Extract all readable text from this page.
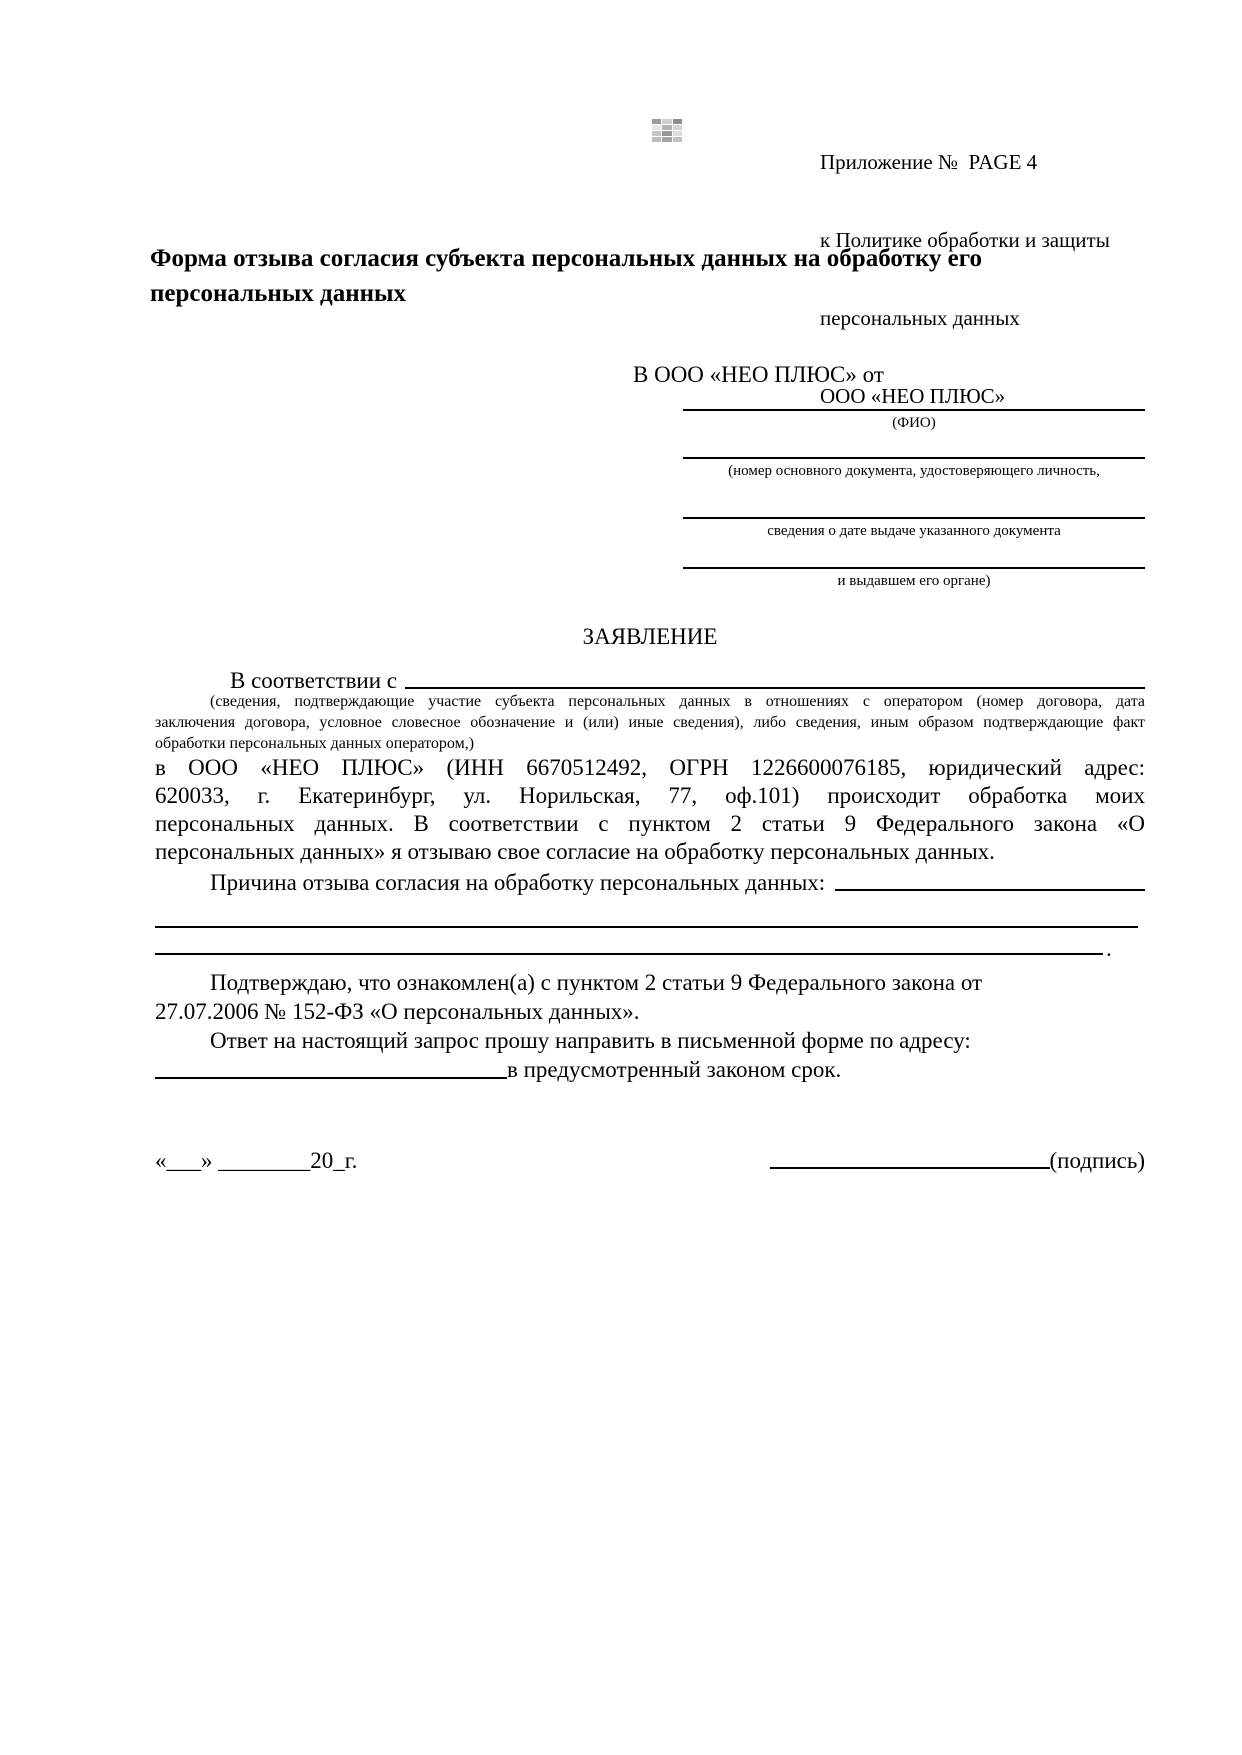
Приложение №  PAGE 4

к Политике обработки и защиты

персональных данных

ООО «НЕО ПЛЮС»

Форма отзыва согласия субъекта персональных данных на обработку его
персональных данных
В ООО «НЕО ПЛЮС» от
(ФИО)
(номер основного документа, удостоверяющего личность,
сведения о дате выдаче указанного документа
и выдавшем его органе)
ЗАЯВЛЕНИЕ
В соответствии с
(сведения, подтверждающие участие субъекта персональных данных в отношениях с оператором (номер договора, дата
заключения договора, условное словесное обозначение и (или) иные сведения), либо сведения, иным образом подтверждающие факт
обработки персональных данных оператором,)
в ООО «НЕО ПЛЮС» (ИНН 6670512492, ОГРН 1226600076185, юридический адрес:
620033, г. Екатеринбург, ул. Норильская, 77, оф.101) происходит обработка моих
персональных данных. В соответствии с пунктом 2 статьи 9 Федерального закона «О
персональных данных» я отзываю свое согласие на обработку персональных данных.
Причина отзыва согласия на обработку персональных данных:
.
Подтверждаю, что ознакомлен(а) с пунктом 2 статьи 9 Федерального закона от
27.07.2006 № 152-ФЗ «О персональных данных».
Ответ на настоящий запрос прошу направить в письменной форме по адресу:
в предусмотренный законом срок.
«___» ________20_г.	(подпись)
